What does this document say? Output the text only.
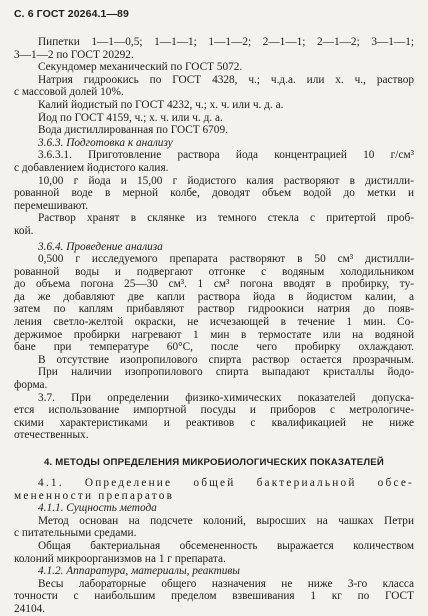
С. 6 ГОСТ 20264.1—89
Пипетки 1—1—0,5; 1—1—1; 1—1—2; 2—1—1; 2—1—2; 3—1—1;
3—1—2 по ГОСТ 20292.
Секундомер механический по ГОСТ 5072.
Натрия гидроокись по ГОСТ 4328, ч.; ч.д.а. или х. ч., раствор
с массовой долей 10%.
Калий йодистый по ГОСТ 4232, ч.; х. ч. или ч. д. а.
Йод по ГОСТ 4159, ч.; х. ч. или ч. д. а.
Вода дистиллированная по ГОСТ 6709.
3.6.3. Подготовка к анализу
3.6.3.1. Приготовление раствора йода концентрацией 10 г/см³
с добавлением йодистого калия.
10,00 г йода и 15,00 г йодистого калия растворяют в дистилли-
рованной воде в мерной колбе, доводят объем водой до метки и
перемешивают.
Раствор хранят в склянке из темного стекла с притертой проб-
кой.
3.6.4. Проведение анализа
0,500 г исследуемого препарата растворяют в 50 см³ дистилли-
рованной воды и подвергают отгонке с водяным холодильником
до объема погона 25—30 см³. 1 см³ погона вводят в пробирку, ту-
да же добавляют две капли раствора йода в йодистом калии, а
затем по каплям прибавляют раствор гидроокиси натрия до появ-
ления светло-желтой окраски, не исчезающей в течение 1 мин. Со-
держимое пробирки нагревают 1 мин в термостате или на водяной
бане при температуре 60°С, после чего пробирку охлаждают.
В отсутствие изопропилового спирта раствор остается прозрачным.
При наличии изопропилового спирта выпадают кристаллы йодо-
форма.
3.7. При определении физико-химических показателей допуска-
ется использование импортной посуды и приборов с метрологиче-
скими характеристиками и реактивов с квалификацией не ниже
отечественных.
4. МЕТОДЫ ОПРЕДЕЛЕНИЯ МИКРОБИОЛОГИЧЕСКИХ ПОКАЗАТЕЛЕЙ
4.1. Определение общей бактериальной обсе-
мененности препаратов
4.1.1. Сущность метода
Метод основан на подсчете колоний, выросших на чашках Петри
с питательными средами.
Общая бактериальная обсемененность выражается количеством
колоний микроорганизмов на 1 г препарата.
4.1.2. Аппаратура, материалы, реактивы
Весы лабораторные общего назначения не ниже 3-го класса
точности с наибольшим пределом взвешивания 1 кг по ГОСТ
24104.
